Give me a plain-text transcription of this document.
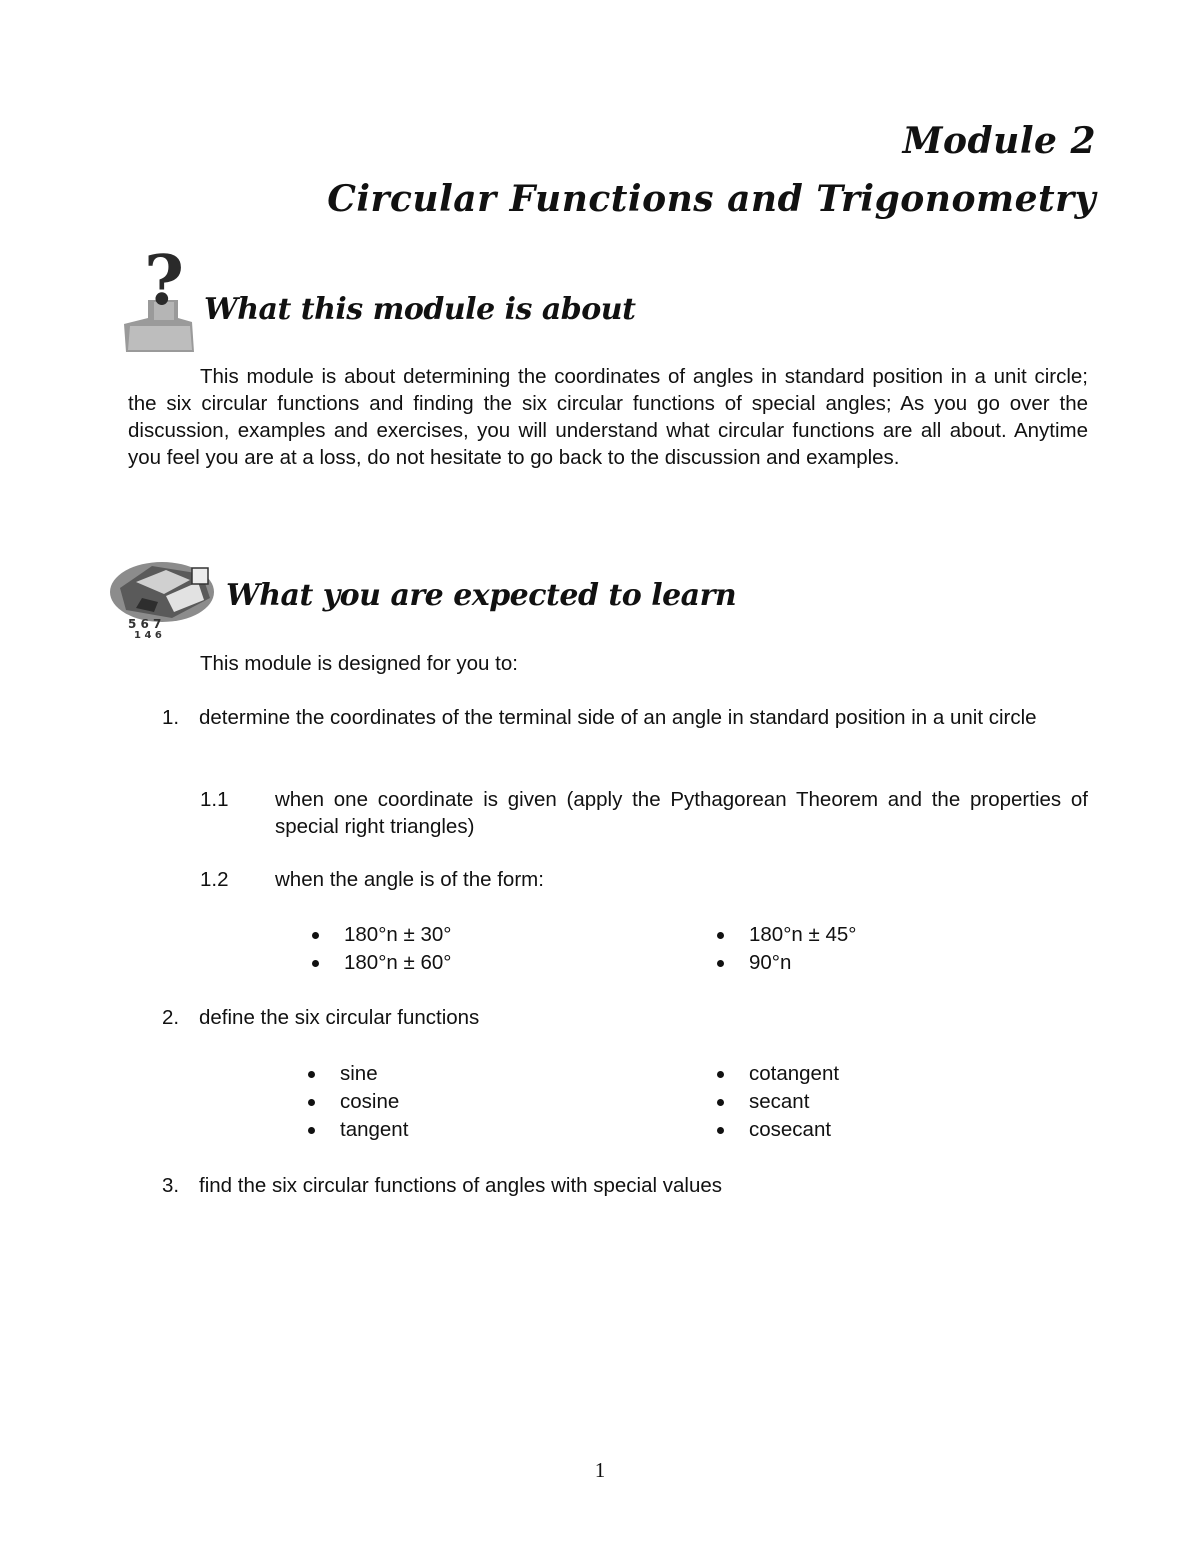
Module 2
Circular Functions and Trigonometry
? What this module is about
This module is about determining the coordinates of angles in standard position in a unit circle; the six circular functions and finding the six circular functions of special angles; As you go over the discussion, examples and exercises, you will understand what circular functions are all about. Anytime you feel you are at a loss, do not hesitate to go back to the discussion and examples.
5 6 7
1 4 6
What you are expected to learn
This module is designed for you to:
1. determine the coordinates of the terminal side of an angle in standard position in a unit circle
1.1 when one coordinate is given (apply the Pythagorean Theorem and the properties of special right triangles)
1.2 when the angle is of the form:
180°n ± 30°
180°n ± 60°
180°n ± 45°
90°n
2. define the six circular functions
sine
cosine
tangent
cotangent
secant
cosecant
3. find the six circular functions of angles with special values
1
